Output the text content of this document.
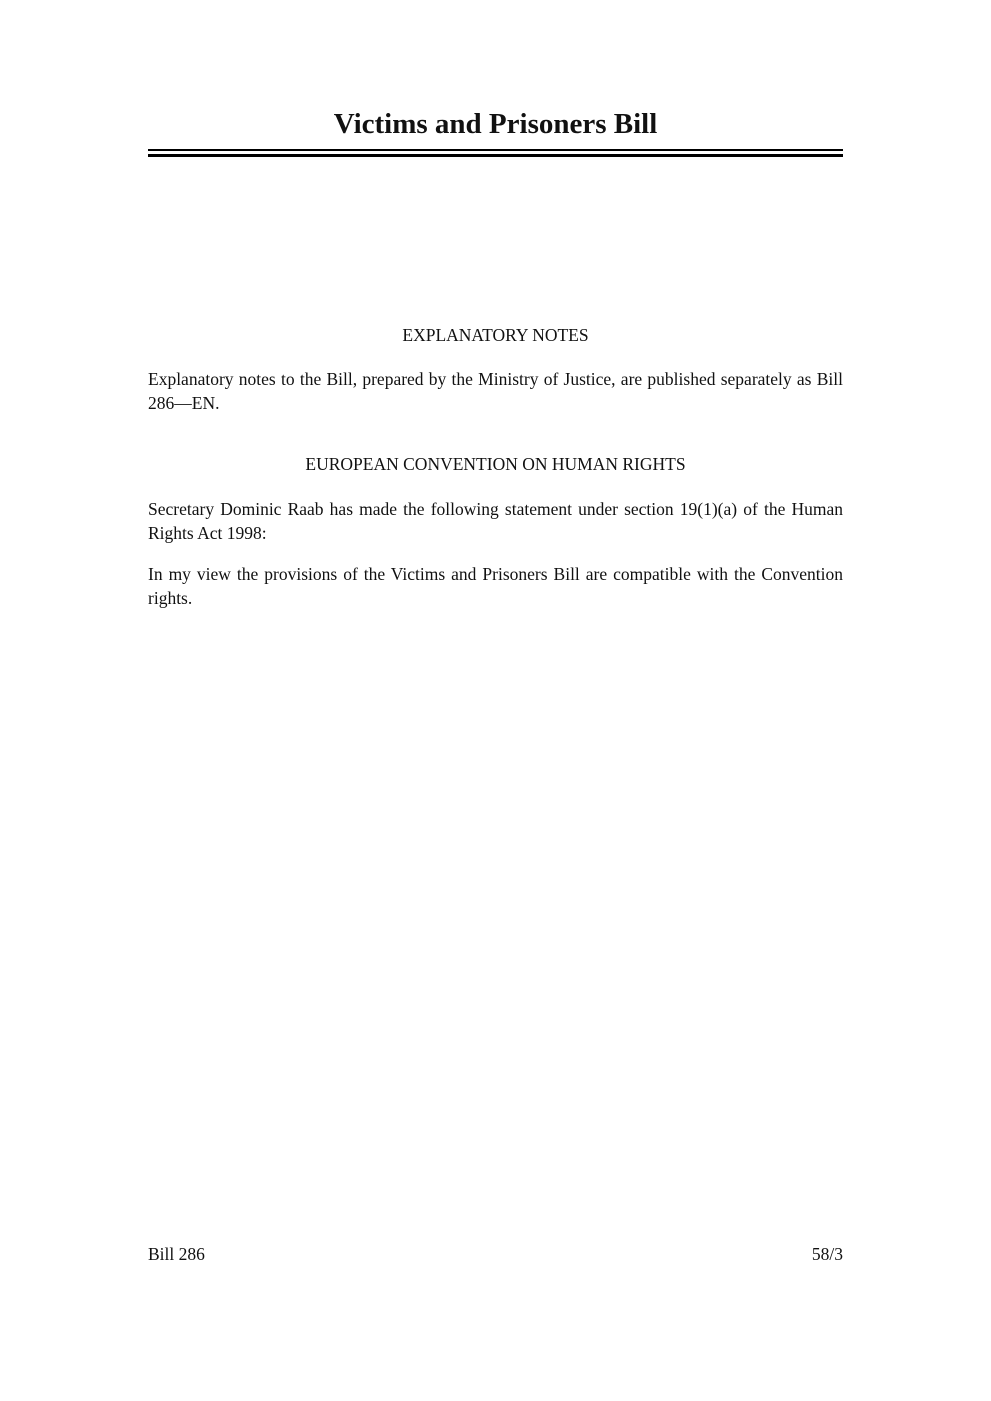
Victims and Prisoners Bill
EXPLANATORY NOTES

Explanatory notes to the Bill, prepared by the Ministry of Justice, are published separately as Bill 286—EN.

EUROPEAN CONVENTION ON HUMAN RIGHTS

Secretary Dominic Raab has made the following statement under section 19(1)(a) of the Human Rights Act 1998:

In my view the provisions of the Victims and Prisoners Bill are compatible with the Convention rights.

Bill 286	58/3
